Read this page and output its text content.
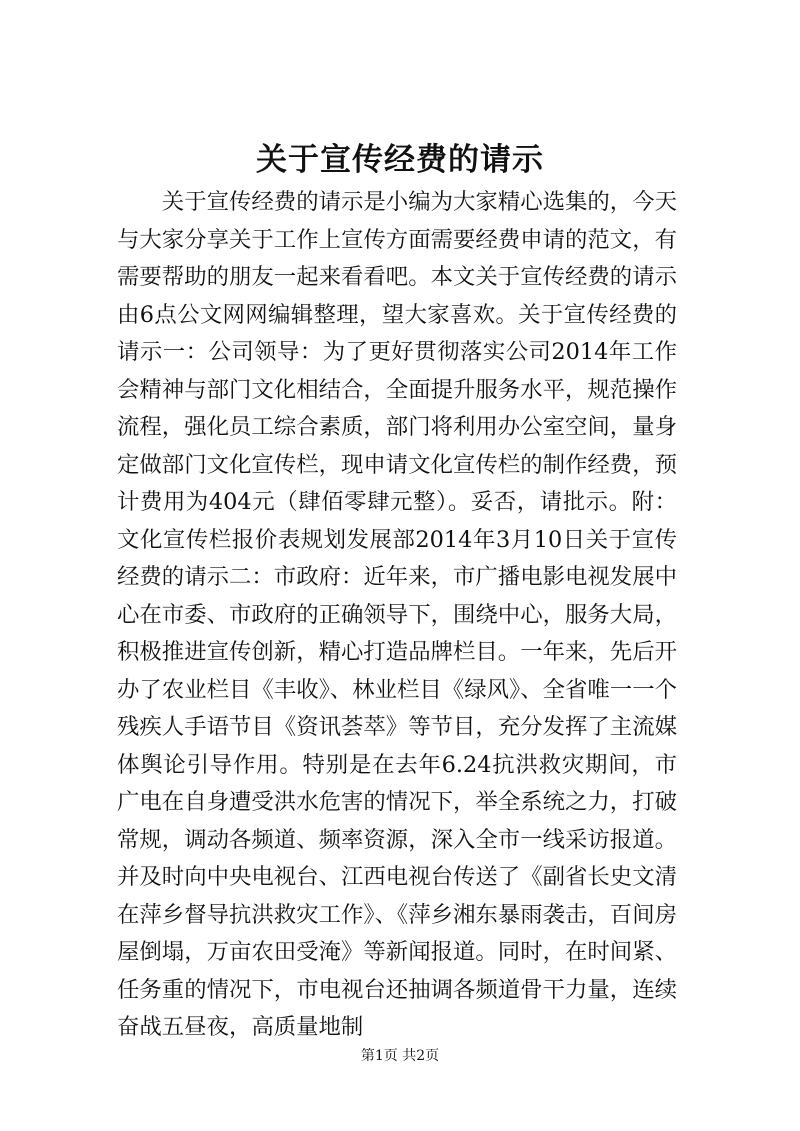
关于宣传经费的请示

关于宣传经费的请示是小编为大家精心选集的，今天与大家分享关于工作上宣传方面需要经费申请的范文，有需要帮助的朋友一起来看看吧。本文关于宣传经费的请示由6点公文网网编辑整理，望大家喜欢。关于宣传经费的请示一：公司领导：为了更好贯彻落实公司2014年工作会精神与部门文化相结合，全面提升服务水平，规范操作流程，强化员工综合素质，部门将利用办公室空间，量身定做部门文化宣传栏，现申请文化宣传栏的制作经费，预计费用为404元（肆佰零肆元整）。妥否，请批示。附：文化宣传栏报价表规划发展部2014年3月10日关于宣传经费的请示二：市政府：近年来，市广播电影电视发展中心在市委、市政府的正确领导下，围绕中心，服务大局，积极推进宣传创新，精心打造品牌栏目。一年来，先后开办了农业栏目《丰收》、林业栏目《绿风》、全省唯一一个残疾人手语节目《资讯荟萃》等节目，充分发挥了主流媒体舆论引导作用。特别是在去年6.24抗洪救灾期间，市广电在自身遭受洪水危害的情况下，举全系统之力，打破常规，调动各频道、频率资源，深入全市一线采访报道。并及时向中央电视台、江西电视台传送了《副省长史文清在萍乡督导抗洪救灾工作》、《萍乡湘东暴雨袭击，百间房屋倒塌，万亩农田受淹》等新闻报道。同时，在时间紧、任务重的情况下，市电视台还抽调各频道骨干力量，连续奋战五昼夜，高质量地制

第1页 共2页
